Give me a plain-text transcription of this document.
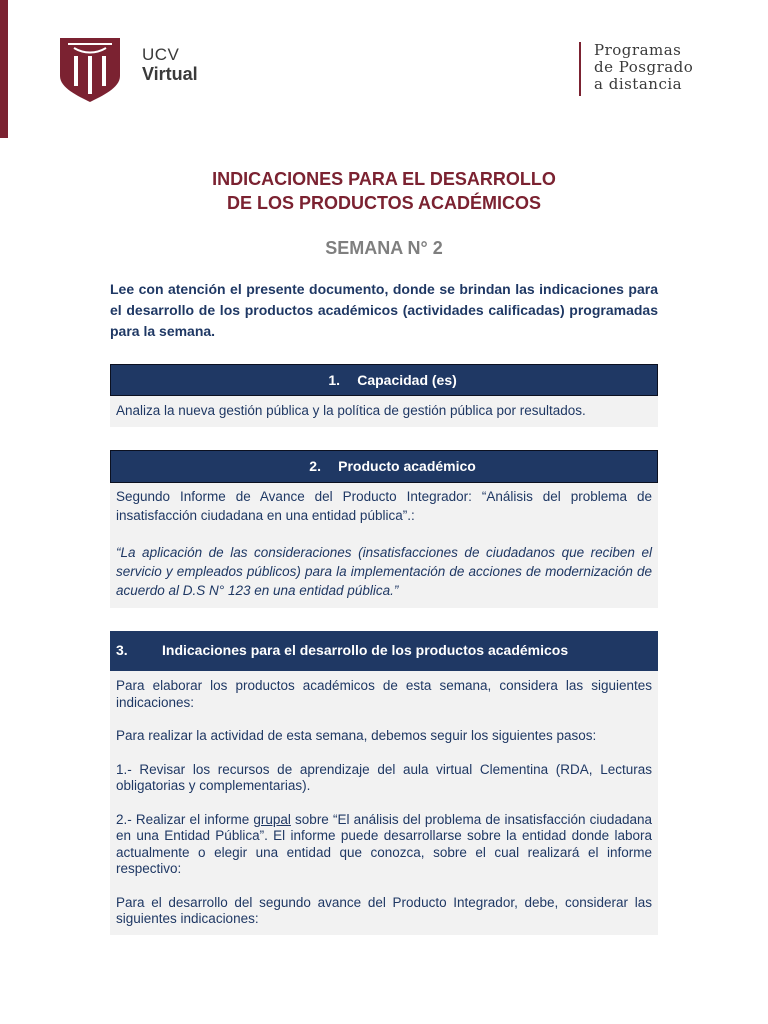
UCV
Virtual
Programas
de Posgrado
a distancia
INDICACIONES PARA EL DESARROLLO
DE LOS PRODUCTOS ACADÉMICOS
SEMANA N° 2
Lee con atención el presente documento, donde se brindan las indicaciones para el desarrollo de los productos académicos (actividades calificadas) programadas para la semana.
1. Capacidad (es)

Analiza la nueva gestión pública y la política de gestión pública por resultados.

2. Producto académico

Segundo Informe de Avance del Producto Integrador: “Análisis del problema de insatisfacción ciudadana en una entidad pública”.:

“La aplicación de las consideraciones (insatisfacciones de ciudadanos que reciben el servicio y empleados públicos) para la implementación de acciones de modernización de acuerdo al D.S N° 123 en una entidad pública.”

3. Indicaciones para el desarrollo de los productos académicos

Para elaborar los productos académicos de esta semana, considera las siguientes indicaciones:

Para realizar la actividad de esta semana, debemos seguir los siguientes pasos:

1.- Revisar los recursos de aprendizaje del aula virtual Clementina (RDA, Lecturas obligatorias y complementarias).

2.- Realizar el informe grupal sobre “El análisis del problema de insatisfacción ciudadana en una Entidad Pública”. El informe puede desarrollarse sobre la entidad donde labora actualmente o elegir una entidad que conozca, sobre el cual realizará el informe respectivo:

Para el desarrollo del segundo avance del Producto Integrador, debe, considerar las siguientes indicaciones:
